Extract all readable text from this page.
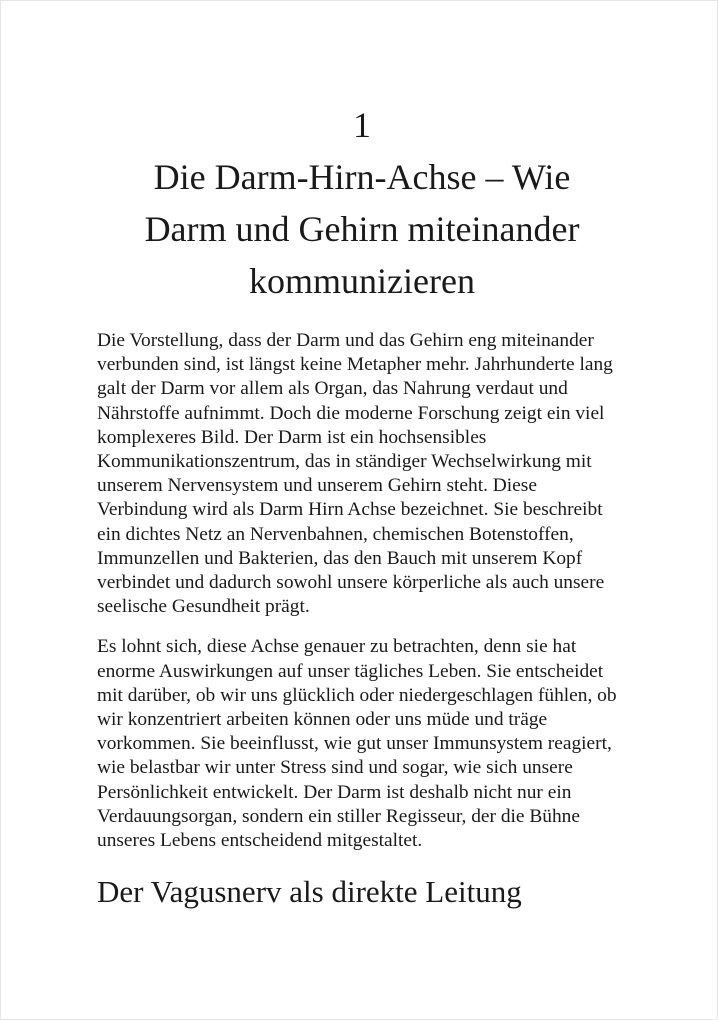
1
Die Darm-Hirn-Achse – Wie Darm und Gehirn miteinander kommunizieren

Die Vorstellung, dass der Darm und das Gehirn eng miteinander verbunden sind, ist längst keine Metapher mehr. Jahrhunderte lang galt der Darm vor allem als Organ, das Nahrung verdaut und Nährstoffe aufnimmt. Doch die moderne Forschung zeigt ein viel komplexeres Bild. Der Darm ist ein hochsensibles Kommunikationszentrum, das in ständiger Wechselwirkung mit unserem Nervensystem und unserem Gehirn steht. Diese Verbindung wird als Darm Hirn Achse bezeichnet. Sie beschreibt ein dichtes Netz an Nervenbahnen, chemischen Botenstoffen, Immunzellen und Bakterien, das den Bauch mit unserem Kopf verbindet und dadurch sowohl unsere körperliche als auch unsere seelische Gesundheit prägt.

Es lohnt sich, diese Achse genauer zu betrachten, denn sie hat enorme Auswirkungen auf unser tägliches Leben. Sie entscheidet mit darüber, ob wir uns glücklich oder niedergeschlagen fühlen, ob wir konzentriert arbeiten können oder uns müde und träge vorkommen. Sie beeinflusst, wie gut unser Immunsystem reagiert, wie belastbar wir unter Stress sind und sogar, wie sich unsere Persönlichkeit entwickelt. Der Darm ist deshalb nicht nur ein Verdauungsorgan, sondern ein stiller Regisseur, der die Bühne unseres Lebens entscheidend mitgestaltet.

Der Vagusnerv als direkte Leitung
